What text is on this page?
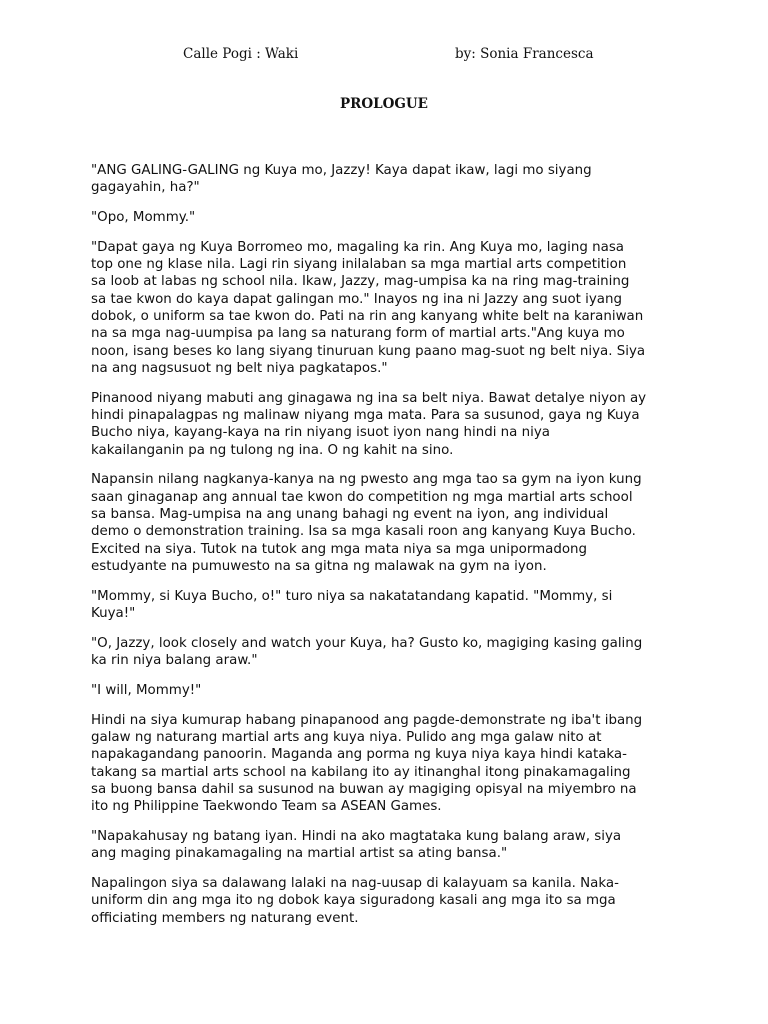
Calle Pogi : Waki	by: Sonia Francesca
PROLOGUE

"ANG GALING-GALING ng Kuya mo, Jazzy! Kaya dapat ikaw, lagi mo siyang
gagayahin, ha?"

"Opo, Mommy."

"Dapat gaya ng Kuya Borromeo mo, magaling ka rin. Ang Kuya mo, laging nasa
top one ng klase nila. Lagi rin siyang inilalaban sa mga martial arts competition
sa loob at labas ng school nila. Ikaw, Jazzy, mag-umpisa ka na ring mag-training
sa tae kwon do kaya dapat galingan mo." Inayos ng ina ni Jazzy ang suot iyang
dobok, o uniform sa tae kwon do. Pati na rin ang kanyang white belt na karaniwan
na sa mga nag-uumpisa pa lang sa naturang form of martial arts."Ang kuya mo
noon, isang beses ko lang siyang tinuruan kung paano mag-suot ng belt niya. Siya
na ang nagsusuot ng belt niya pagkatapos."

Pinanood niyang mabuti ang ginagawa ng ina sa belt niya. Bawat detalye niyon ay
hindi pinapalagpas ng malinaw niyang mga mata. Para sa susunod, gaya ng Kuya
Bucho niya, kayang-kaya na rin niyang isuot iyon nang hindi na niya
kakailanganin pa ng tulong ng ina. O ng kahit na sino.

Napansin nilang nagkanya-kanya na ng pwesto ang mga tao sa gym na iyon kung
saan ginaganap ang annual tae kwon do competition ng mga martial arts school
sa bansa. Mag-umpisa na ang unang bahagi ng event na iyon, ang individual
demo o demonstration training. Isa sa mga kasali roon ang kanyang Kuya Bucho.
Excited na siya. Tutok na tutok ang mga mata niya sa mga unipormadong
estudyante na pumuwesto na sa gitna ng malawak na gym na iyon.

"Mommy, si Kuya Bucho, o!" turo niya sa nakatatandang kapatid. "Mommy, si
Kuya!"

"O, Jazzy, look closely and watch your Kuya, ha? Gusto ko, magiging kasing galing
ka rin niya balang araw."

"I will, Mommy!"

Hindi na siya kumurap habang pinapanood ang pagde-demonstrate ng iba't ibang
galaw ng naturang martial arts ang kuya niya. Pulido ang mga galaw nito at
napakagandang panoorin. Maganda ang porma ng kuya niya kaya hindi kataka-
takang sa martial arts school na kabilang ito ay itinanghal itong pinakamagaling
sa buong bansa dahil sa susunod na buwan ay magiging opisyal na miyembro na
ito ng Philippine Taekwondo Team sa ASEAN Games.

"Napakahusay ng batang iyan. Hindi na ako magtataka kung balang araw, siya
ang maging pinakamagaling na martial artist sa ating bansa."

Napalingon siya sa dalawang lalaki na nag-uusap di kalayuam sa kanila. Naka-
uniform din ang mga ito ng dobok kaya siguradong kasali ang mga ito sa mga
officiating members ng naturang event.
